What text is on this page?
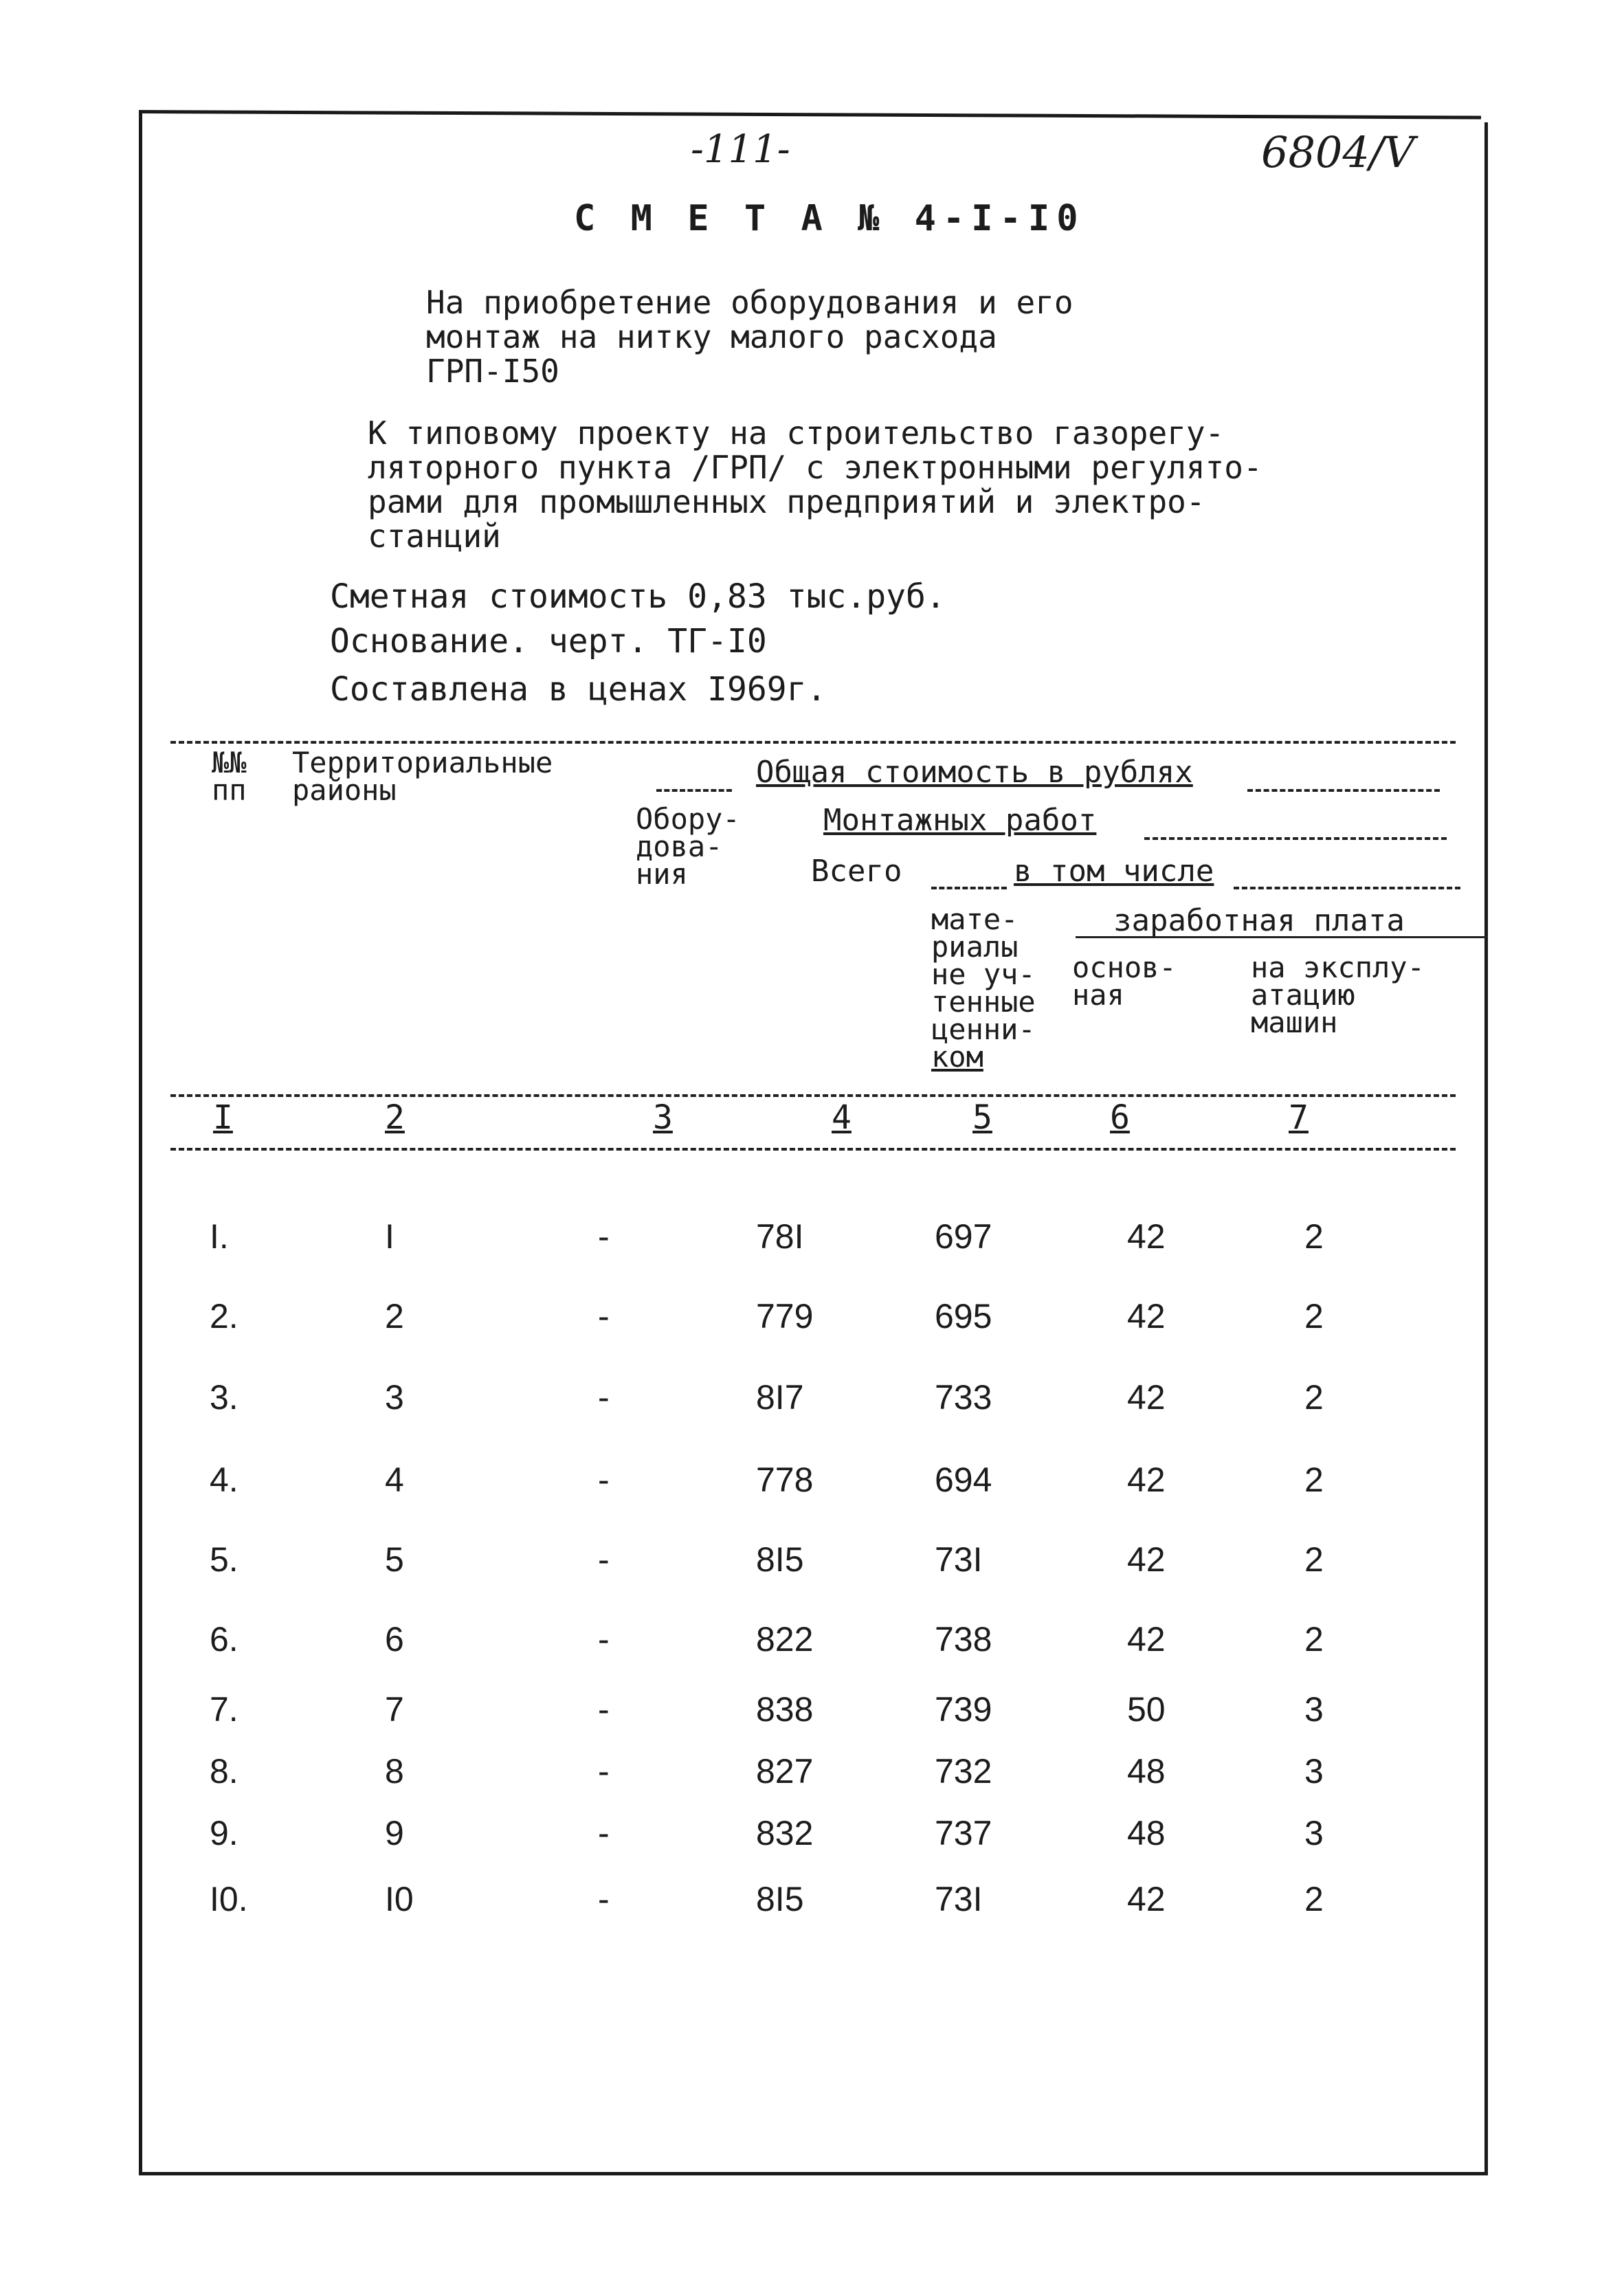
-111-	6804/V
С М Е Т А № 4-I-I0
На приобретение оборудования и его
монтаж на нитку малого расхода
ГРП-I50
К типовому проекту на строительство газорегу-
ляторного пункта /ГРП/ с электронными регулято-
рами для промышленных предприятий и электро-
станций
Сметная стоимость 0,83 тыс.руб.
Основание. черт. ТГ-I0
Составлена в ценах I969г.
№№
пп
Территориальные
районы
Общая стоимость в рублях
Обору-
дова-
ния
Монтажных работ
Всего	в том числе
мате-
риалы
не уч-
тенные
ценни-
ком
заработная плата
основ-
ная
на эксплу-
атацию
машин
I	2	3	4	5	6	7
I.	I	-	78I	697	42	2
2.	2	-	779	695	42	2
3.	3	-	8I7	733	42	2
4.	4	-	778	694	42	2
5.	5	-	8I5	73I	42	2
6.	6	-	822	738	42	2
7.	7	-	838	739	50	3
8.	8	-	827	732	48	3
9.	9	-	832	737	48	3
I0.	I0	-	8I5	73I	42	2
